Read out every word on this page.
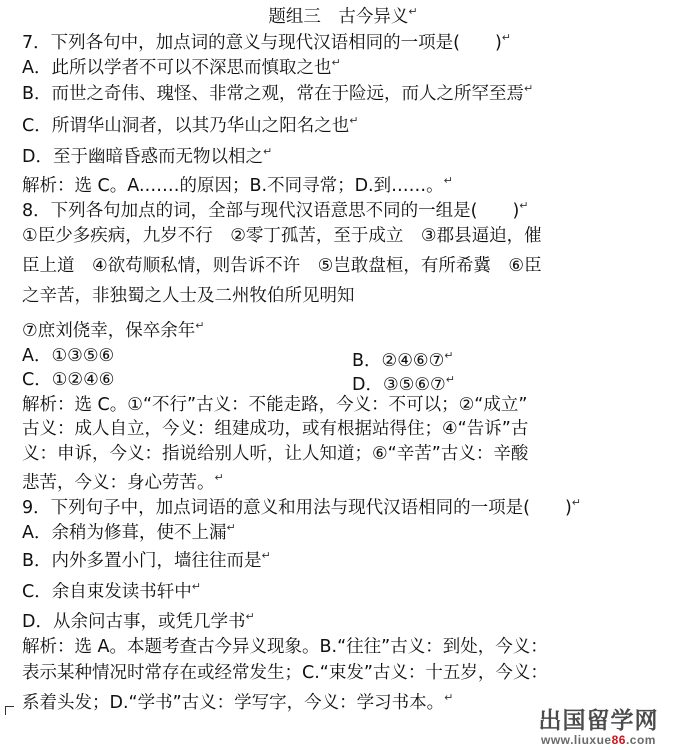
题组三　古今异义↵
7．下列各句中，加点词的意义与现代汉语相同的一项是(　　)↵
A．此所以学者不可以不深思而慎取之也↵
B．而世之奇伟、瑰怪、非常之观，常在于险远，而人之所罕至焉↵
C．所谓华山洞者，以其乃华山之阳名之也↵
D．至于幽暗昏惑而无物以相之↵
解析：选 C。A.……的原因；B.不同寻常；D.到……。↵
8．下列各句加点的词，全部与现代汉语意思不同的一组是(　　)↵
①臣少多疾病，九岁不行　②零丁孤苦，至于成立　③郡县逼迫，催
臣上道　④欲苟顺私情，则告诉不许　⑤岂敢盘桓，有所希冀　⑥臣
之辛苦，非独蜀之人士及二州牧伯所见明知
⑦庶刘侥幸，保卒余年↵
A．①③⑤⑥	B．②④⑥⑦↵
C．①②④⑥	D．③⑤⑥⑦↵
解析：选 C。①“不行”古义：不能走路，今义：不可以；②“成立”
古义：成人自立，今义：组建成功，或有根据站得住；④“告诉”古
义：申诉，今义：指说给别人听，让人知道；⑥“辛苦”古义：辛酸
悲苦，今义：身心劳苦。↵
9．下列句子中，加点词语的意义和用法与现代汉语相同的一项是(　　)↵
A．余稍为修葺，使不上漏↵
B．内外多置小门，墙往往而是↵
C．余自束发读书轩中↵
D．从余问古事，或凭几学书↵
解析：选 A。本题考查古今异义现象。B.“往往”古义：到处，今义：
表示某种情况时常存在或经常发生；C.“束发”古义：十五岁，今义：
系着头发；D.“学书”古义：学写字，今义：学习书本。↵
出国留学网
www.liuxue86.com
